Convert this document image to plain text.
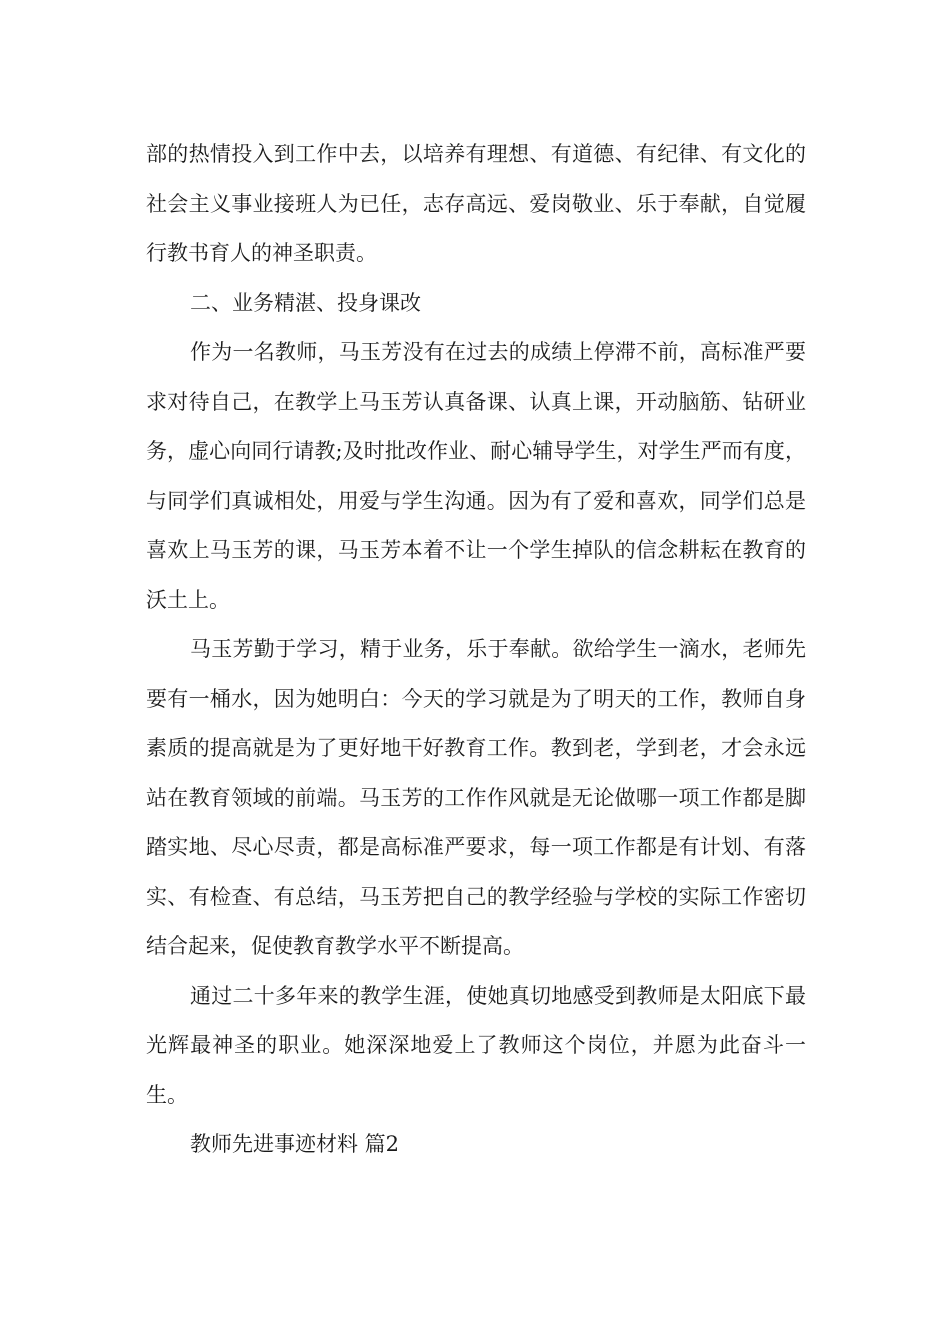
部的热情投入到工作中去，以培养有理想、有道德、有纪律、有文化的社会主义事业接班人为已任，志存高远、爱岗敬业、乐于奉献，自觉履行教书育人的神圣职责。

二、业务精湛、投身课改

作为一名教师，马玉芳没有在过去的成绩上停滞不前，高标准严要求对待自己，在教学上马玉芳认真备课、认真上课，开动脑筋、钻研业务，虚心向同行请教;及时批改作业、耐心辅导学生，对学生严而有度，与同学们真诚相处，用爱与学生沟通。因为有了爱和喜欢，同学们总是喜欢上马玉芳的课，马玉芳本着不让一个学生掉队的信念耕耘在教育的沃土上。

马玉芳勤于学习，精于业务，乐于奉献。欲给学生一滴水，老师先要有一桶水，因为她明白：今天的学习就是为了明天的工作，教师自身素质的提高就是为了更好地干好教育工作。教到老，学到老，才会永远站在教育领域的前端。马玉芳的工作作风就是无论做哪一项工作都是脚踏实地、尽心尽责，都是高标准严要求，每一项工作都是有计划、有落实、有检查、有总结，马玉芳把自己的教学经验与学校的实际工作密切结合起来，促使教育教学水平不断提高。

通过二十多年来的教学生涯，使她真切地感受到教师是太阳底下最光辉最神圣的职业。她深深地爱上了教师这个岗位，并愿为此奋斗一生。

教师先进事迹材料 篇2
